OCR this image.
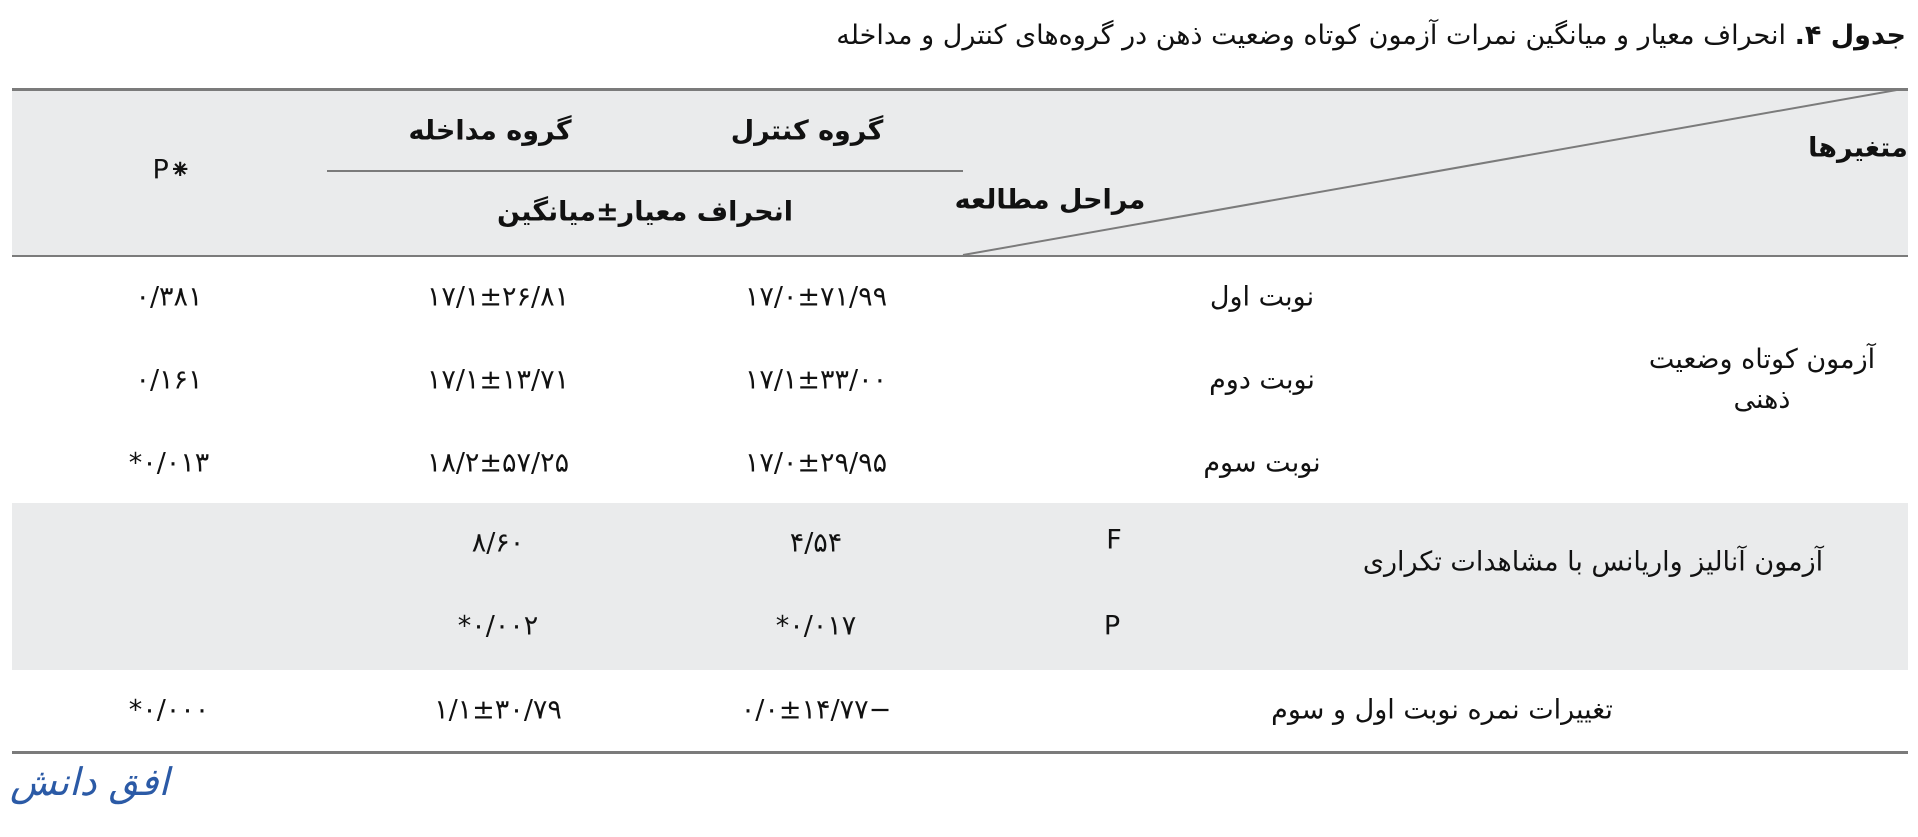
جدول ۴. انحراف معیار و میانگین نمرات آزمون کوتاه وضعیت ذهن در گروه‌های کنترل و مداخله
متغیرها
مراحل مطالعه
گروه کنترل
گروه مداخله
انحراف معیار±میانگین
P⁕
آزمون کوتاه وضعیت ذهنی
نوبت اول
۱۷/۰±۷۱/۹۹
۱۷/۱±۲۶/۸۱
۰/۳۸۱
نوبت دوم
۱۷/۱±۳۳/۰۰
۱۷/۱±۱۳/۷۱
۰/۱۶۱
نوبت سوم
۱۷/۰±۲۹/۹۵
۱۸/۲±۵۷/۲۵
۰/۰۱۳*
آزمون آنالیز واریانس با مشاهدات تکراری
F
۴/۵۴
۸/۶۰
P
۰/۰۱۷*
۰/۰۰۲*
تغییرات نمره نوبت اول و سوم
−۰/۰±۱۴/۷۷
۱/۱±۳۰/۷۹
۰/۰۰۰*
افق دانش
